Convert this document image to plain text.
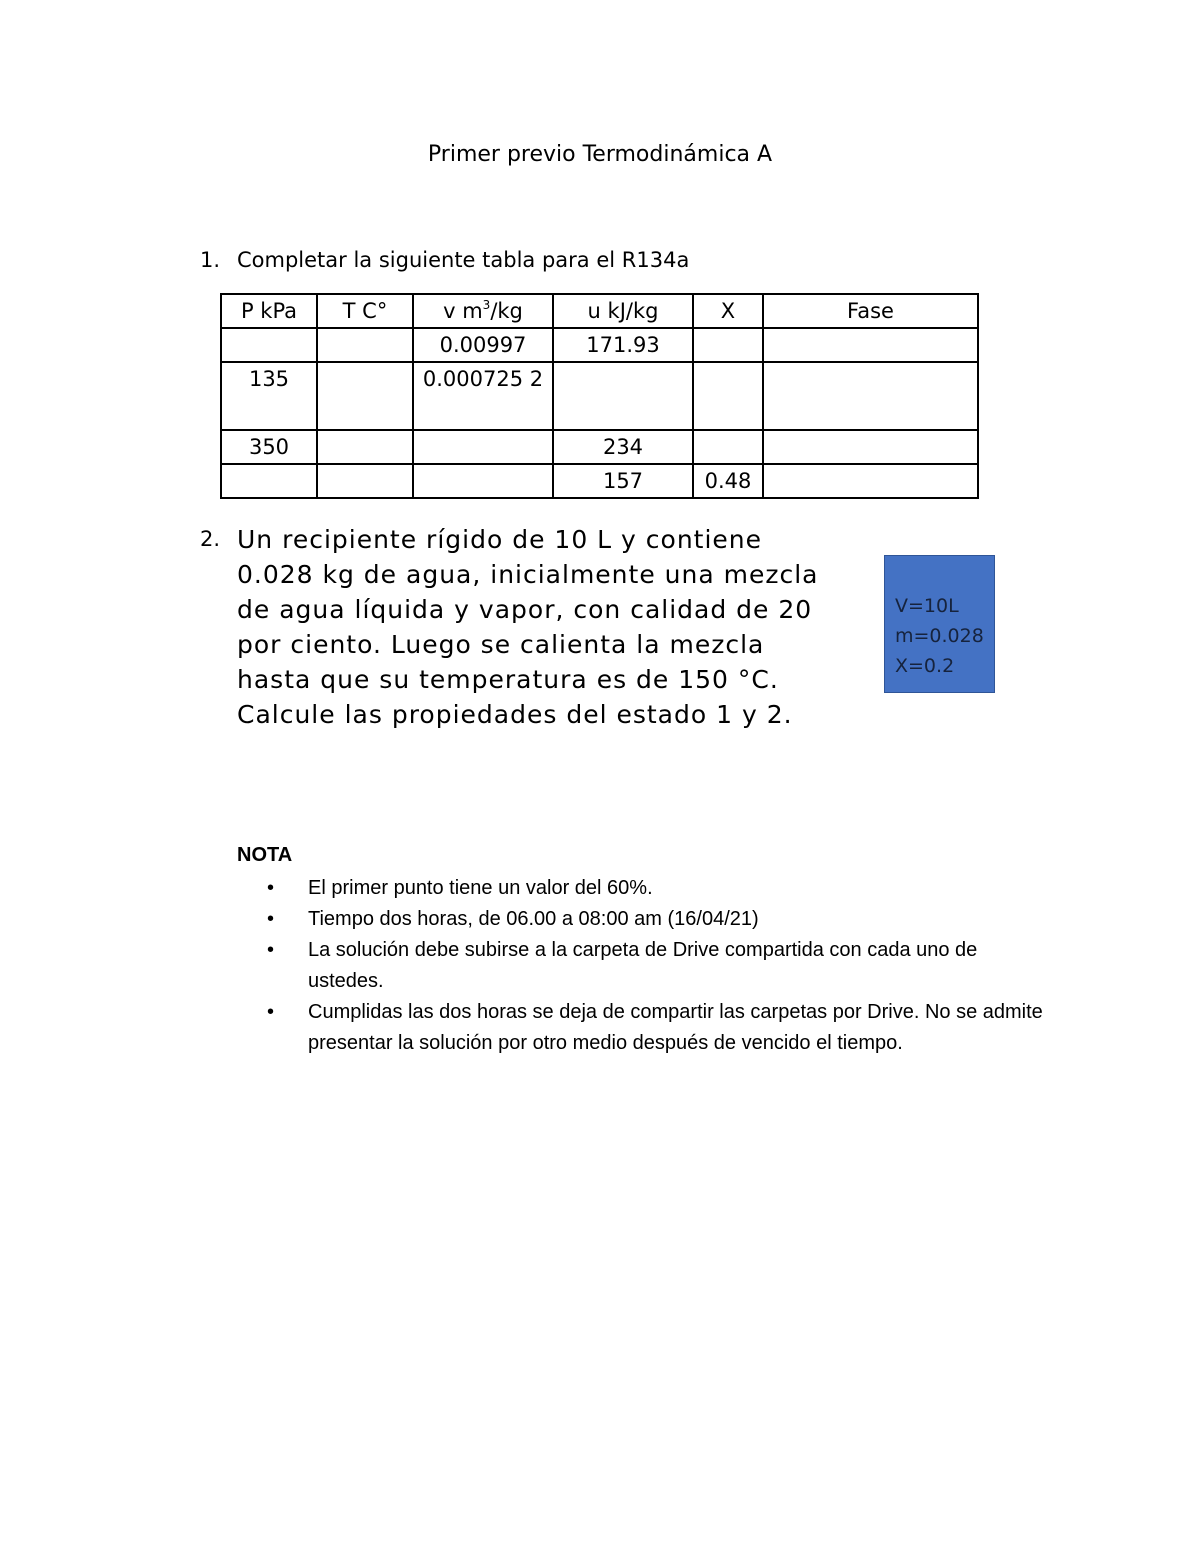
Primer previo Termodinámica A
1. Completar la siguiente tabla para el R134a
P kPa	T C°	v $m^3/kg$	u kJ/kg	X	Fase
		0.00997	171.93		
135		0.000725 2			
350			234		
			157	0.48	
2. Un recipiente rígido de 10 L y contiene
0.028 kg de agua, inicialmente una mezcla
de agua líquida y vapor, con calidad de 20
por ciento. Luego se calienta la mezcla
hasta que su temperatura es de 150 °C.
Calcule las propiedades del estado 1 y 2.
V=10L
m=0.028
X=0.2
NOTA
• El primer punto tiene un valor del 60%.
• Tiempo dos horas, de 06.00 a 08:00 am (16/04/21)
• La solución debe subirse a la carpeta de Drive compartida con cada uno de ustedes.
• Cumplidas las dos horas se deja de compartir las carpetas por Drive. No se admite presentar la solución por otro medio después de vencido el tiempo.
